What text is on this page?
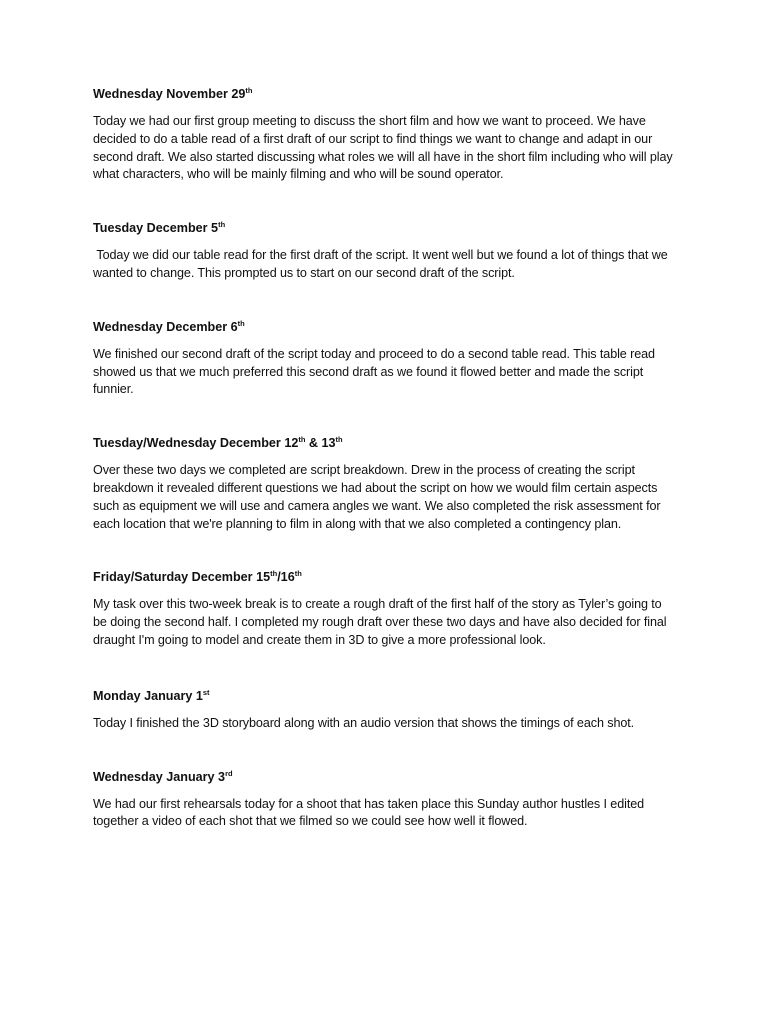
Wednesday November 29th

Today we had our first group meeting to discuss the short film and how we want to proceed. We have decided to do a table read of a first draft of our script to find things we want to change and adapt in our second draft. We also started discussing what roles we will all have in the short film including who will play what characters, who will be mainly filming and who will be sound operator.

Tuesday December 5th

Today we did our table read for the first draft of the script. It went well but we found a lot of things that we wanted to change. This prompted us to start on our second draft of the script.

Wednesday December 6th

We finished our second draft of the script today and proceed to do a second table read. This table read showed us that we much preferred this second draft as we found it flowed better and made the script funnier.

Tuesday/Wednesday December 12th & 13th

Over these two days we completed are script breakdown. Drew in the process of creating the script breakdown it revealed different questions we had about the script on how we would film certain aspects such as equipment we will use and camera angles we want. We also completed the risk assessment for each location that we're planning to film in along with that we also completed a contingency plan.

Friday/Saturday December 15th/16th

My task over this two-week break is to create a rough draft of the first half of the story as Tyler’s going to be doing the second half. I completed my rough draft over these two days and have also decided for final draught I'm going to model and create them in 3D to give a more professional look.

Monday January 1st

Today I finished the 3D storyboard along with an audio version that shows the timings of each shot.

Wednesday January 3rd

We had our first rehearsals today for a shoot that has taken place this Sunday author hustles I edited together a video of each shot that we filmed so we could see how well it flowed.
